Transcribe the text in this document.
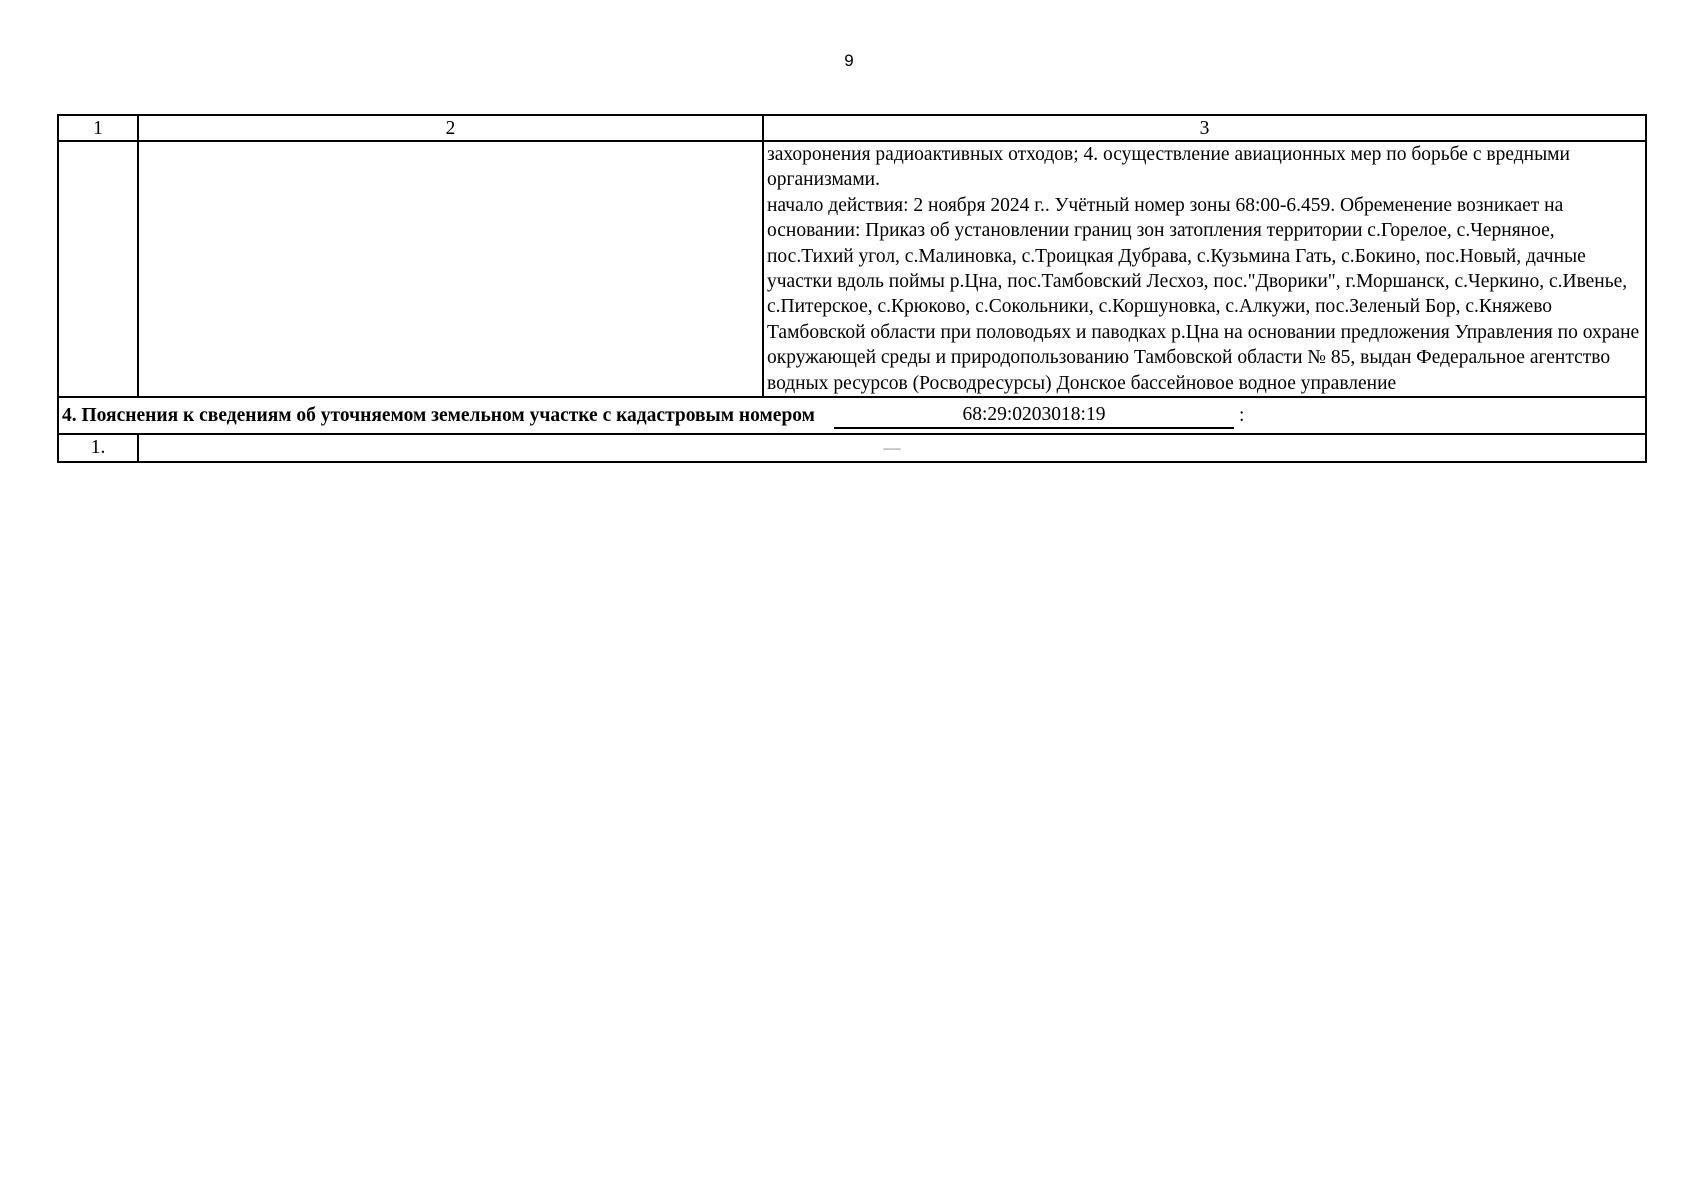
9
1	2	3

		захоронения радиоактивных отходов; 4. осуществление авиационных мер по борьбе с вредными организмами.

начало действия: 2 ноября 2024 г.. Учётный номер зоны 68:00-6.459. Обременение возникает на основании: Приказ об установлении границ зон затопления территории с.Горелое, с.Черняное, пос.Тихий угол, с.Малиновка, с.Троицкая Дубрава, с.Кузьмина Гать, с.Бокино, пос.Новый, дачные участки вдоль поймы р.Цна, пос.Тамбовский Лесхоз, пос."Дворики", г.Моршанск, с.Черкино, с.Ивенье, с.Питерское, с.Крюково, с.Сокольники, с.Коршуновка, с.Алкужи, пос.Зеленый Бор, с.Княжево Тамбовской области при половодьях и паводках р.Цна на основании предложения Управления по охране окружающей среды и природопользованию Тамбовской области № 85, выдан Федеральное агентство водных ресурсов (Росводресурсы) Донское бассейновое водное управление

4. Пояснения к сведениям об уточняемом земельном участке с кадастровым номером 68:29:0203018:19 :		

1.	—	
